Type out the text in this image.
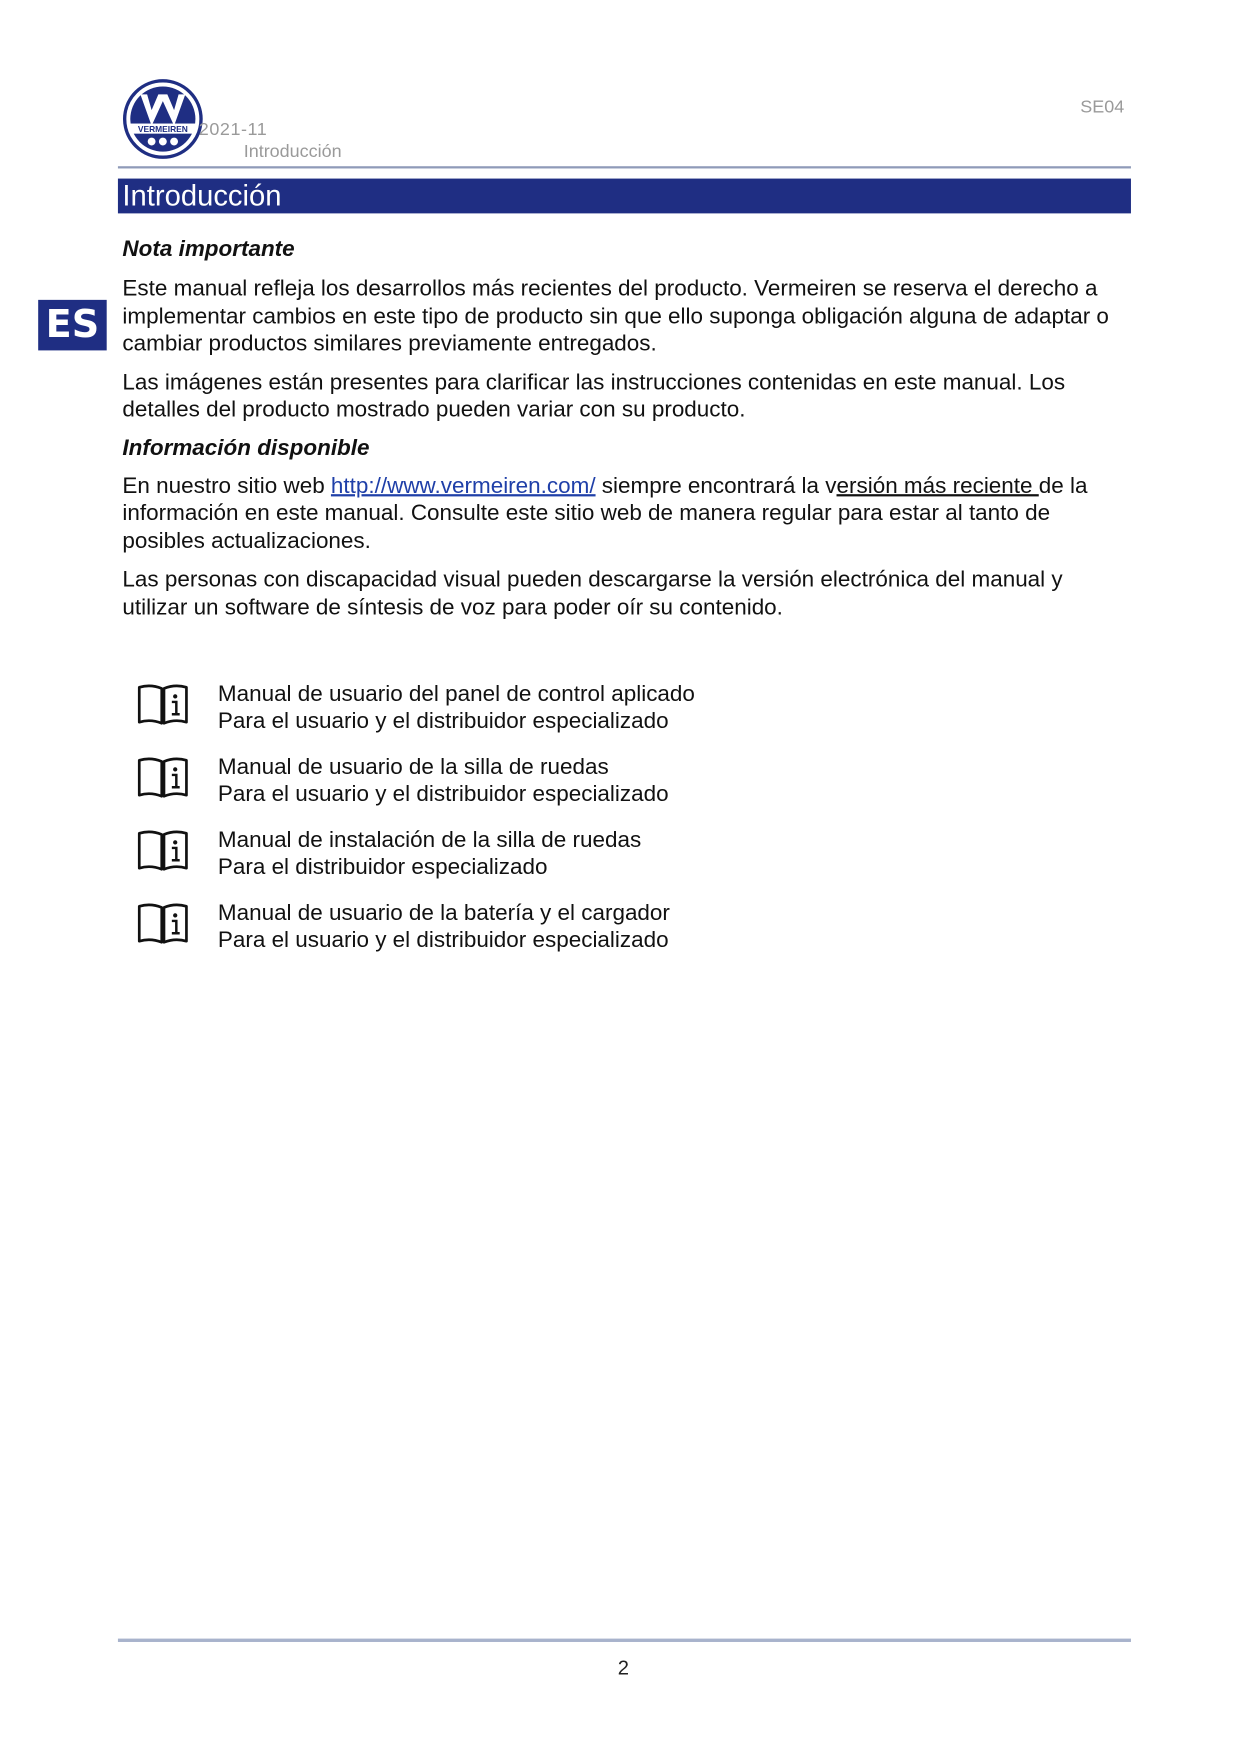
VERMEIREN 2021-11
Introducción
SE04
Introducción
ES

Nota importante

Este manual refleja los desarrollos más recientes del producto. Vermeiren se reserva el derecho a implementar cambios en este tipo de producto sin que ello suponga obligación alguna de adaptar o cambiar productos similares previamente entregados.

Las imágenes están presentes para clarificar las instrucciones contenidas en este manual. Los detalles del producto mostrado pueden variar con su producto.

Información disponible

En nuestro sitio web http://www.vermeiren.com/ siempre encontrará la versión más reciente de la información en este manual. Consulte este sitio web de manera regular para estar al tanto de posibles actualizaciones.

Las personas con discapacidad visual pueden descargarse la versión electrónica del manual y utilizar un software de síntesis de voz para poder oír su contenido.

Manual de usuario del panel de control aplicado
Para el usuario y el distribuidor especializado
Manual de usuario de la silla de ruedas
Para el usuario y el distribuidor especializado
Manual de instalación de la silla de ruedas
Para el distribuidor especializado
Manual de usuario de la batería y el cargador
Para el usuario y el distribuidor especializado
2
